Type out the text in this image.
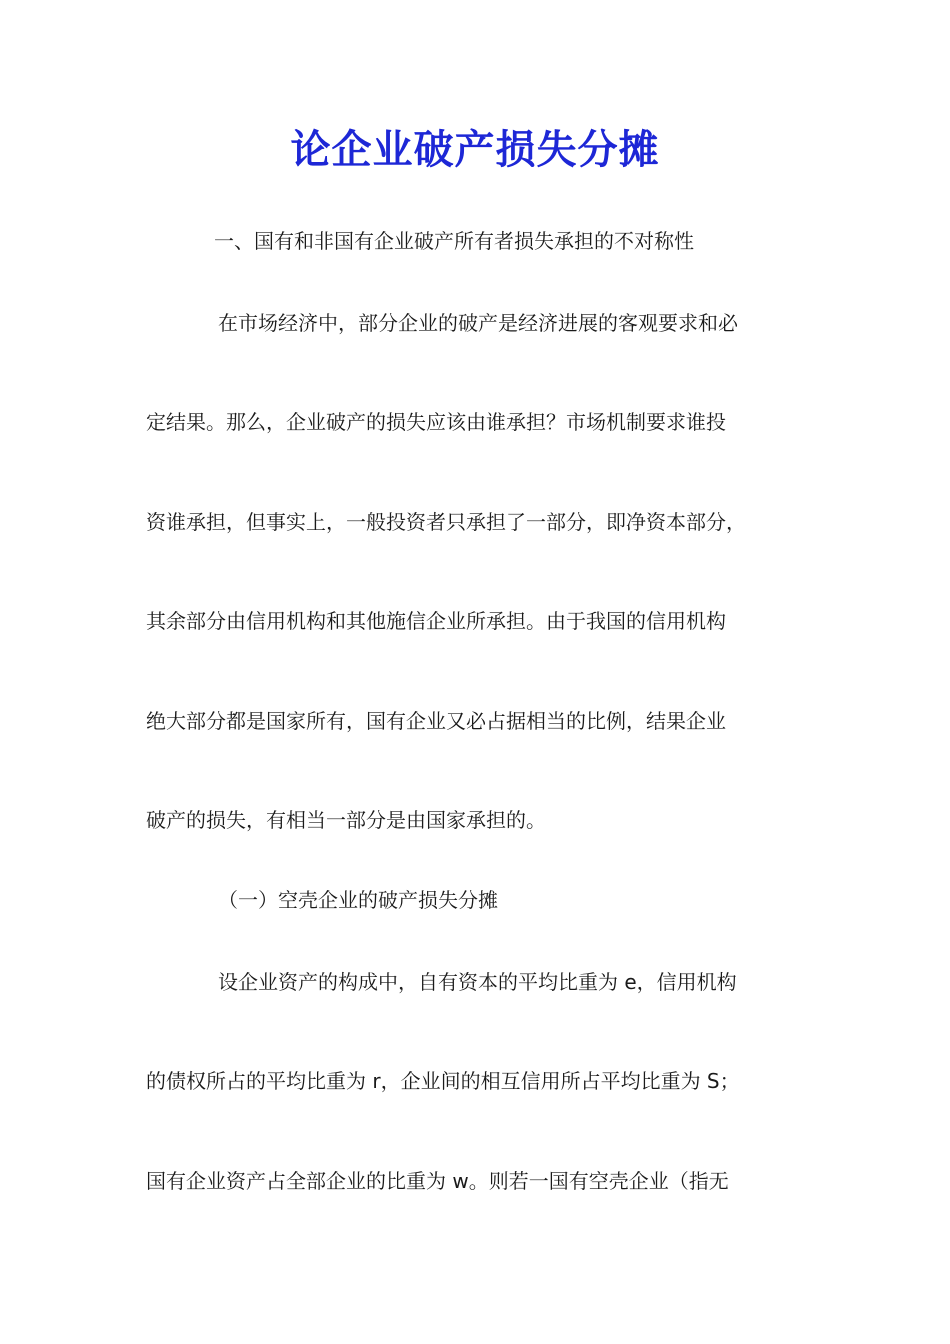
论企业破产损失分摊
一、国有和非国有企业破产所有者损失承担的不对称性
在市场经济中，部分企业的破产是经济进展的客观要求和必
定结果。那么，企业破产的损失应该由谁承担？市场机制要求谁投
资谁承担，但事实上，一般投资者只承担了一部分，即净资本部分，
其余部分由信用机构和其他施信企业所承担。由于我国的信用机构
绝大部分都是国家所有，国有企业又必占据相当的比例，结果企业
破产的损失，有相当一部分是由国家承担的。
（一）空壳企业的破产损失分摊
设企业资产的构成中，自有资本的平均比重为 e，信用机构
的债权所占的平均比重为 r，企业间的相互信用所占平均比重为 S；
国有企业资产占全部企业的比重为 w。则若一国有空壳企业（指无
